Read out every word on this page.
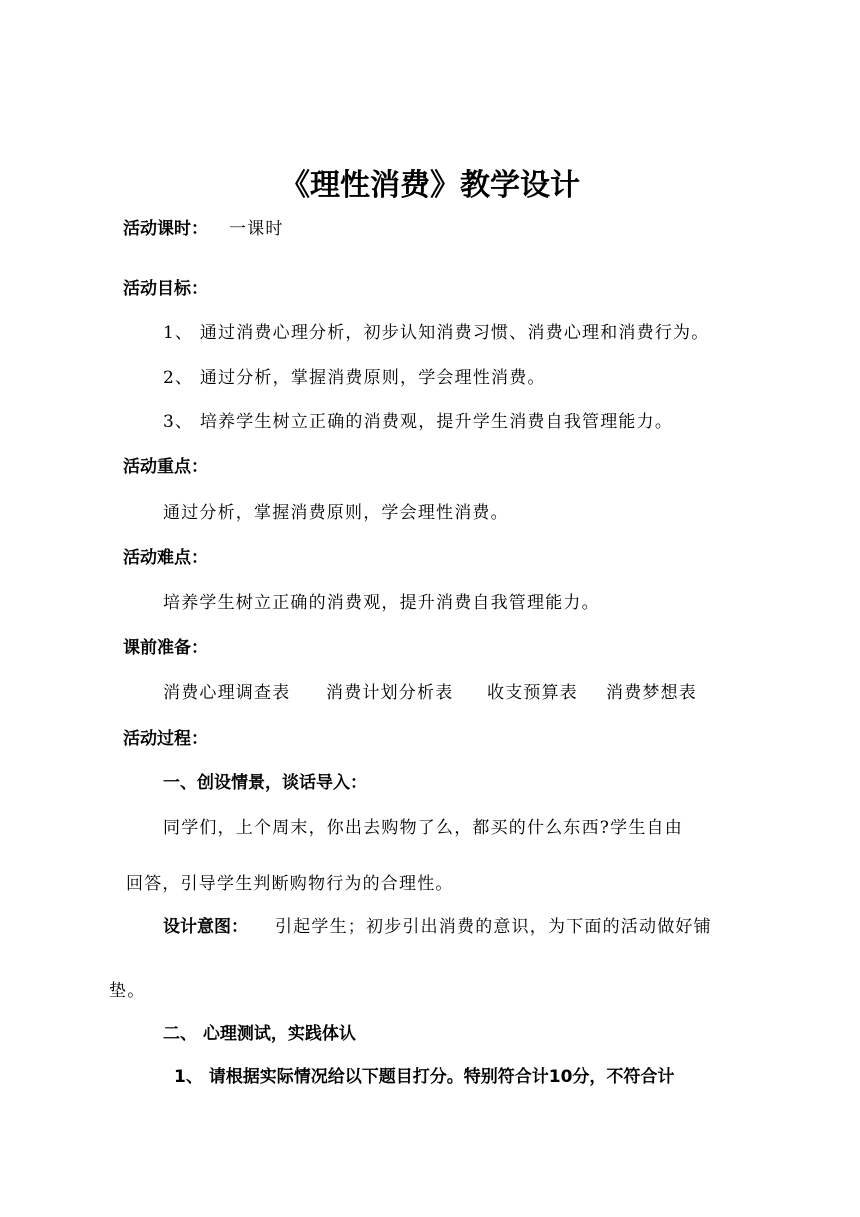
《理性消费》教学设计
活动课时： 一课时
活动目标：
1、 通过消费心理分析，初步认知消费习惯、消费心理和消费行为。
2、 通过分析，掌握消费原则，学会理性消费。
3、 培养学生树立正确的消费观，提升学生消费自我管理能力。
活动重点：
通过分析，掌握消费原则，学会理性消费。
活动难点：
培养学生树立正确的消费观，提升消费自我管理能力。
课前准备：
消费心理调查表 消费计划分析表 收支预算表 消费梦想表
活动过程：
一、创设情景，谈话导入：
同学们，上个周末，你出去购物了么，都买的什么东西?学生自由
回答，引导学生判断购物行为的合理性。
设计意图： 引起学生；初步引出消费的意识，为下面的活动做好铺
垫。
二、 心理测试，实践体认
1、 请根据实际情况给以下题目打分。特别符合计10分，不符合计
